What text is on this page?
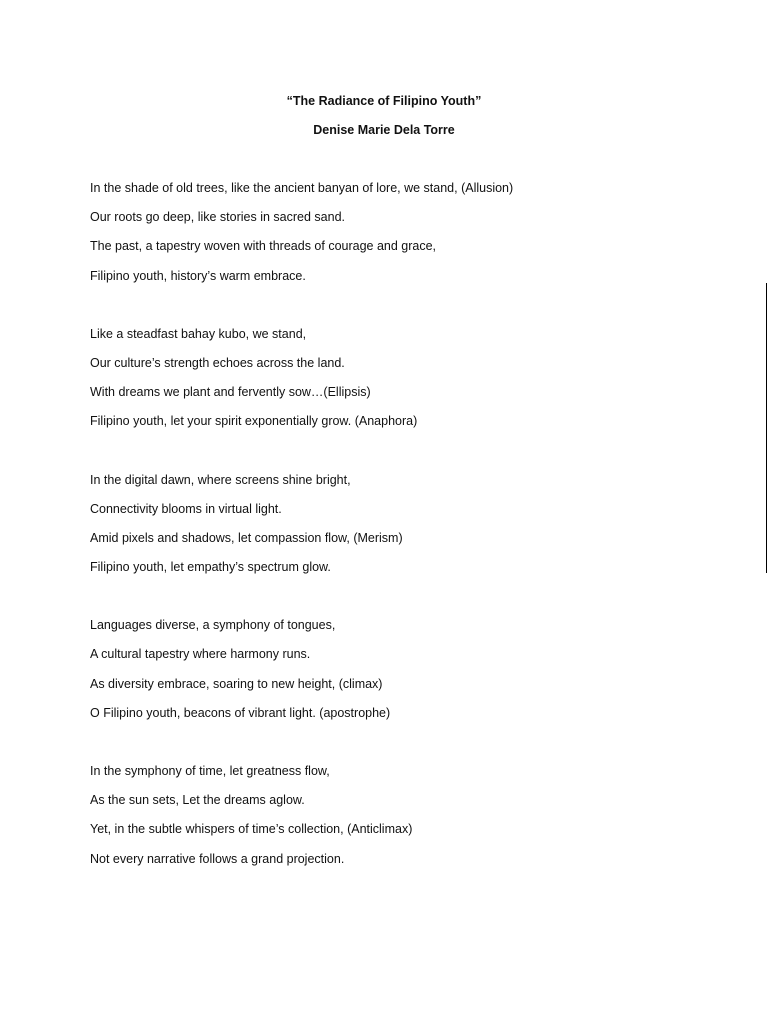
“The Radiance of Filipino Youth”
Denise Marie Dela Torre
In the shade of old trees, like the ancient banyan of lore, we stand, (Allusion)
Our roots go deep, like stories in sacred sand.
The past, a tapestry woven with threads of courage and grace,
Filipino youth, history’s warm embrace.
Like a steadfast bahay kubo, we stand,
Our culture’s strength echoes across the land.
With dreams we plant and fervently sow…(Ellipsis)
Filipino youth, let your spirit exponentially grow. (Anaphora)
In the digital dawn, where screens shine bright,
Connectivity blooms in virtual light.
Amid pixels and shadows, let compassion flow, (Merism)
Filipino youth, let empathy’s spectrum glow.
Languages diverse, a symphony of tongues,
A cultural tapestry where harmony runs.
As diversity embrace, soaring to new height, (climax)
O Filipino youth, beacons of vibrant light. (apostrophe)
In the symphony of time, let greatness flow,
As the sun sets, Let the dreams aglow.
Yet, in the subtle whispers of time’s collection, (Anticlimax)
Not every narrative follows a grand projection.
